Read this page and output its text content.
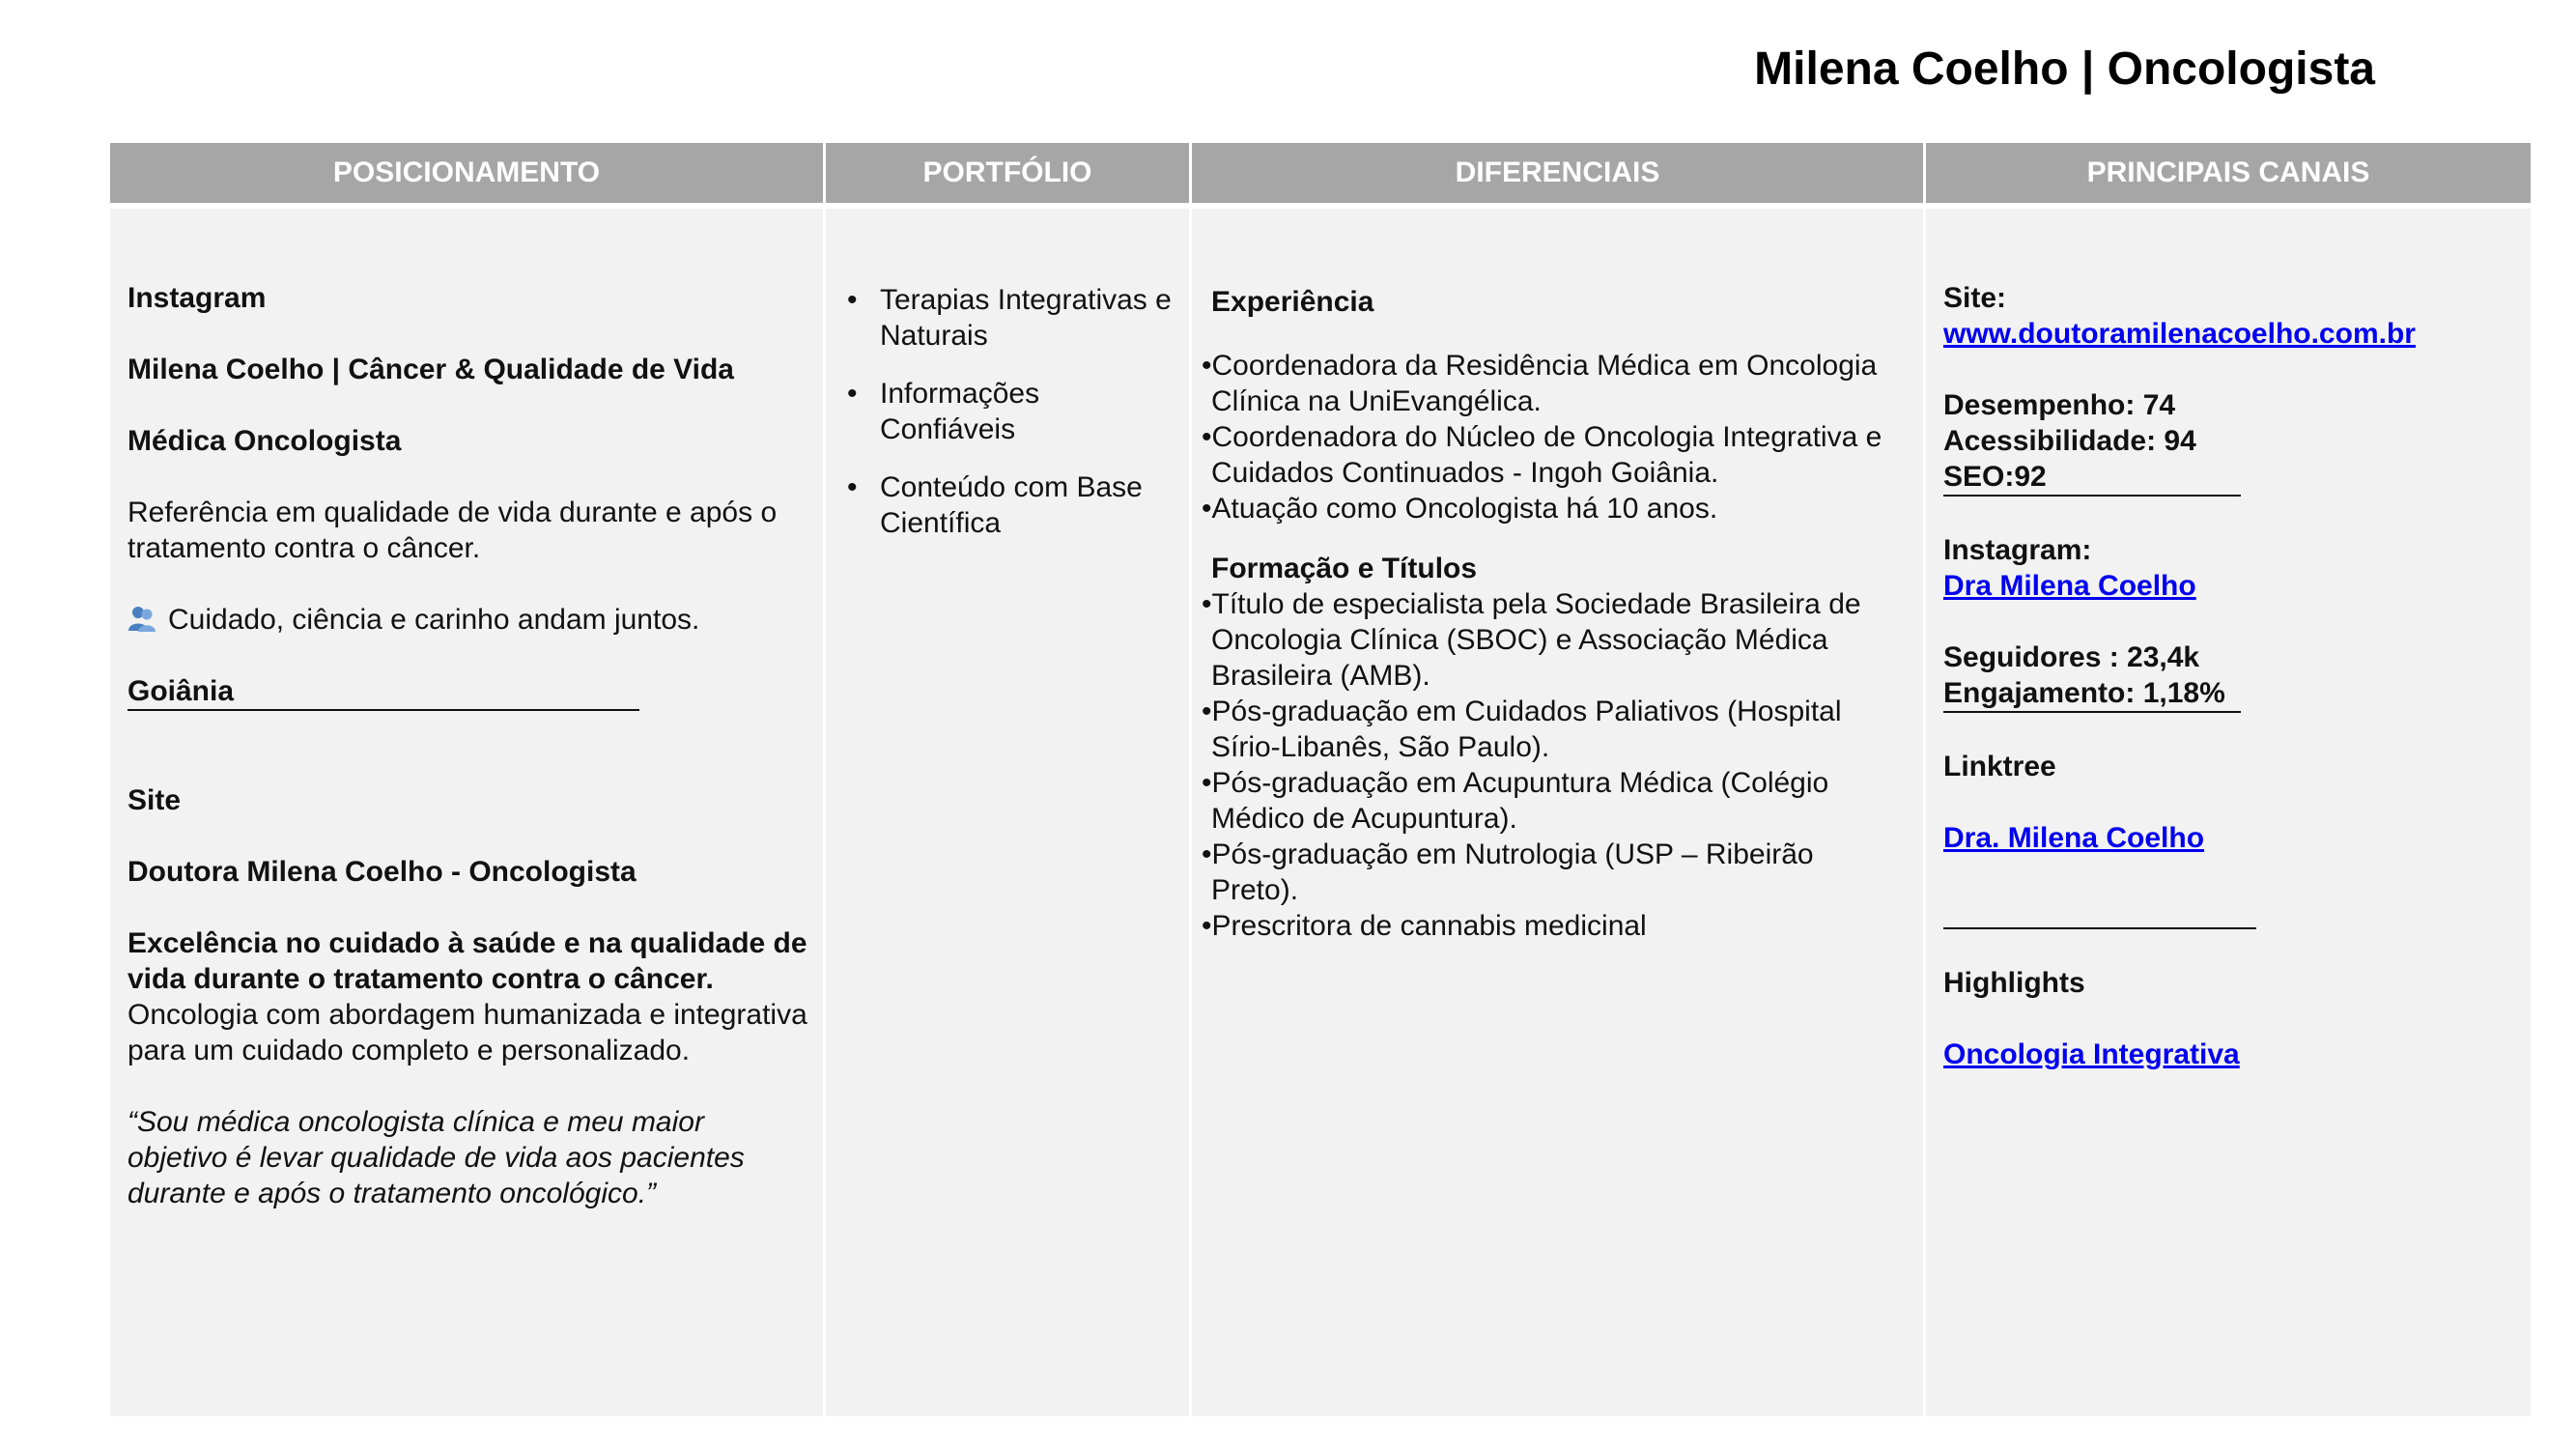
Milena Coelho | Oncologista
POSICIONAMENTO

Instagram

Milena Coelho | Câncer & Qualidade de Vida

Médica Oncologista

Referência em qualidade de vida durante e após o tratamento contra o câncer.

Cuidado, ciência e carinho andam juntos.

Goiânia

Site

Doutora Milena Coelho - Oncologista

Excelência no cuidado à saúde e na qualidade de vida durante o tratamento contra o câncer.

Oncologia com abordagem humanizada e integrativa para um cuidado completo e personalizado.

“Sou médica oncologista clínica e meu maior objetivo é levar qualidade de vida aos pacientes durante e após o tratamento oncológico.”

PORTFÓLIO
• Terapias Integrativas e Naturais
• Informações Confiáveis
• Conteúdo com Base Científica
DIFERENCIAIS

Experiência

•Coordenadora da Residência Médica em Oncologia Clínica na UniEvangélica.
•Coordenadora do Núcleo de Oncologia Integrativa e Cuidados Continuados - Ingoh Goiânia.
•Atuação como Oncologista há 10 anos.

Formação e Títulos

•Título de especialista pela Sociedade Brasileira de Oncologia Clínica (SBOC) e Associação Médica Brasileira (AMB).
•Pós-graduação em Cuidados Paliativos (Hospital Sírio-Libanês, São Paulo).
•Pós-graduação em Acupuntura Médica (Colégio Médico de Acupuntura).
•Pós-graduação em Nutrologia (USP – Ribeirão Preto).
•Prescritora de cannabis medicinal
PRINCIPAIS CANAIS

Site:

www.doutoramilenacoelho.com.br

Desempenho: 74

Acessibilidade: 94

SEO:92

Instagram:

Dra Milena Coelho

Seguidores : 23,4k

Engajamento: 1,18%

Linktree

Dra. Milena Coelho

Highlights

Oncologia Integrativa
